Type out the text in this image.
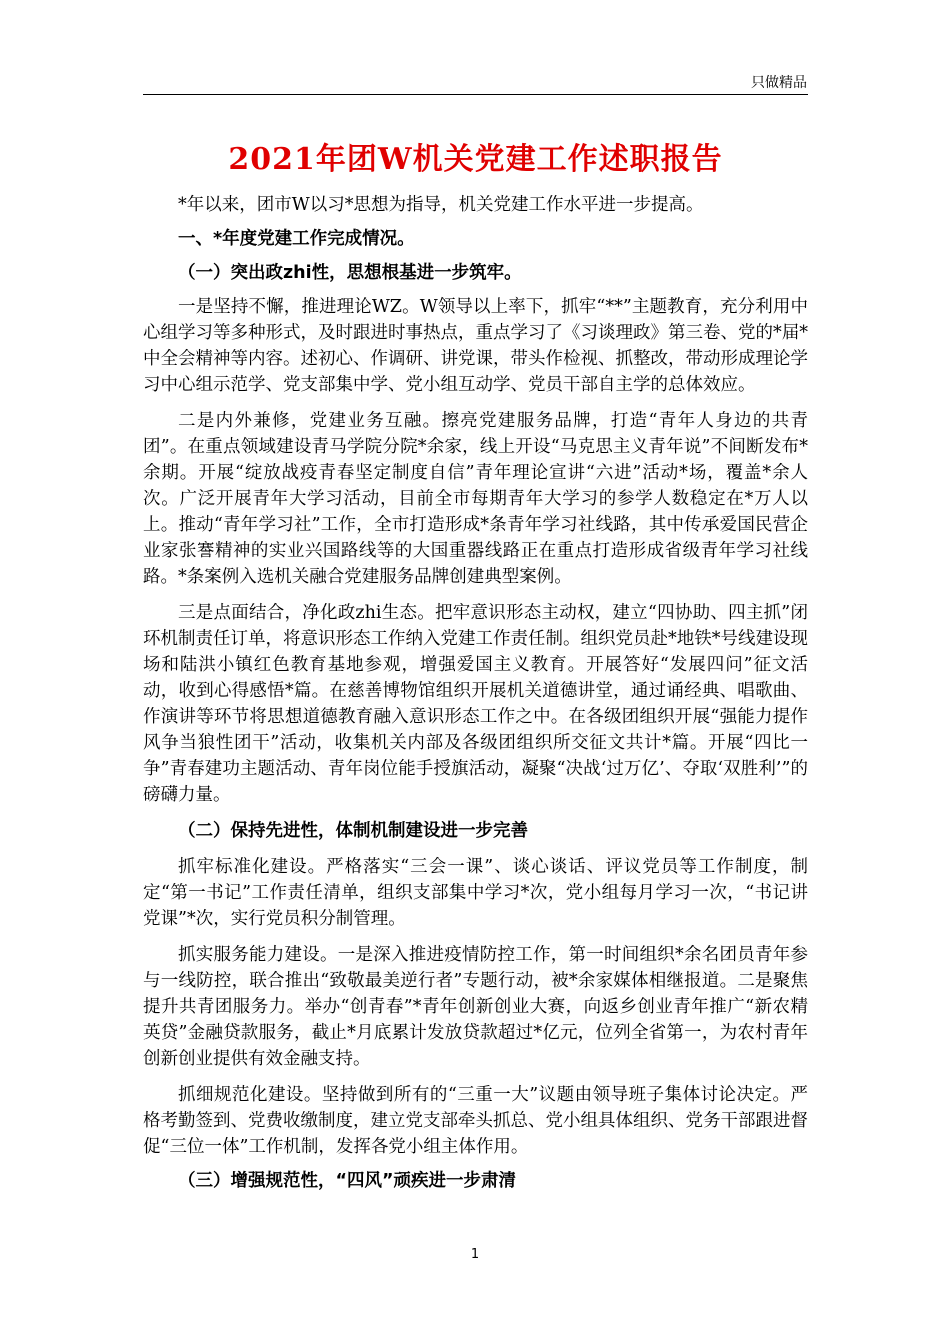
只做精品
2021年团W机关党建工作述职报告

*年以来，团市W以习*思想为指导，机关党建工作水平进一步提高。

一、*年度党建工作完成情况。

（一）突出政zhi性，思想根基进一步筑牢。

一是坚持不懈，推进理论WZ。W领导以上率下，抓牢“**”主题教育，充分利用中心组学习等多种形式，及时跟进时事热点，重点学习了《习谈理政》第三卷、党的*届*中全会精神等内容。述初心、作调研、讲党课，带头作检视、抓整改，带动形成理论学习中心组示范学、党支部集中学、党小组互动学、党员干部自主学的总体效应。

二是内外兼修，党建业务互融。擦亮党建服务品牌，打造“青年人身边的共青团”。在重点领域建设青马学院分院*余家，线上开设“马克思主义青年说”不间断发布*余期。开展“绽放战疫青春坚定制度自信”青年理论宣讲“六进”活动*场，覆盖*余人次。广泛开展青年大学习活动，目前全市每期青年大学习的参学人数稳定在*万人以上。推动“青年学习社”工作，全市打造形成*条青年学习社线路，其中传承爱国民营企业家张謇精神的实业兴国路线等的大国重器线路正在重点打造形成省级青年学习社线路。*条案例入选机关融合党建服务品牌创建典型案例。

三是点面结合，净化政zhi生态。把牢意识形态主动权，建立“四协助、四主抓”闭环机制责任订单，将意识形态工作纳入党建工作责任制。组织党员赴*地铁*号线建设现场和陆洪小镇红色教育基地参观，增强爱国主义教育。开展答好“发展四问”征文活动，收到心得感悟*篇。在慈善博物馆组织开展机关道德讲堂，通过诵经典、唱歌曲、作演讲等环节将思想道德教育融入意识形态工作之中。在各级团组织开展“强能力提作风争当狼性团干”活动，收集机关内部及各级团组织所交征文共计*篇。开展“四比一争”青春建功主题活动、青年岗位能手授旗活动，凝聚“决战‘过万亿’、夺取‘双胜利’”的磅礴力量。

（二）保持先进性，体制机制建设进一步完善

抓牢标准化建设。严格落实“三会一课”、谈心谈话、评议党员等工作制度，制定“第一书记”工作责任清单，组织支部集中学习*次，党小组每月学习一次，“书记讲党课”*次，实行党员积分制管理。

抓实服务能力建设。一是深入推进疫情防控工作，第一时间组织*余名团员青年参与一线防控，联合推出“致敬最美逆行者”专题行动，被*余家媒体相继报道。二是聚焦提升共青团服务力。举办“创青春”*青年创新创业大赛，向返乡创业青年推广“新农精英贷”金融贷款服务，截止*月底累计发放贷款超过*亿元，位列全省第一，为农村青年创新创业提供有效金融支持。

抓细规范化建设。坚持做到所有的“三重一大”议题由领导班子集体讨论决定。严格考勤签到、党费收缴制度，建立党支部牵头抓总、党小组具体组织、党务干部跟进督促“三位一体”工作机制，发挥各党小组主体作用。

（三）增强规范性，“四风”顽疾进一步肃清

1
